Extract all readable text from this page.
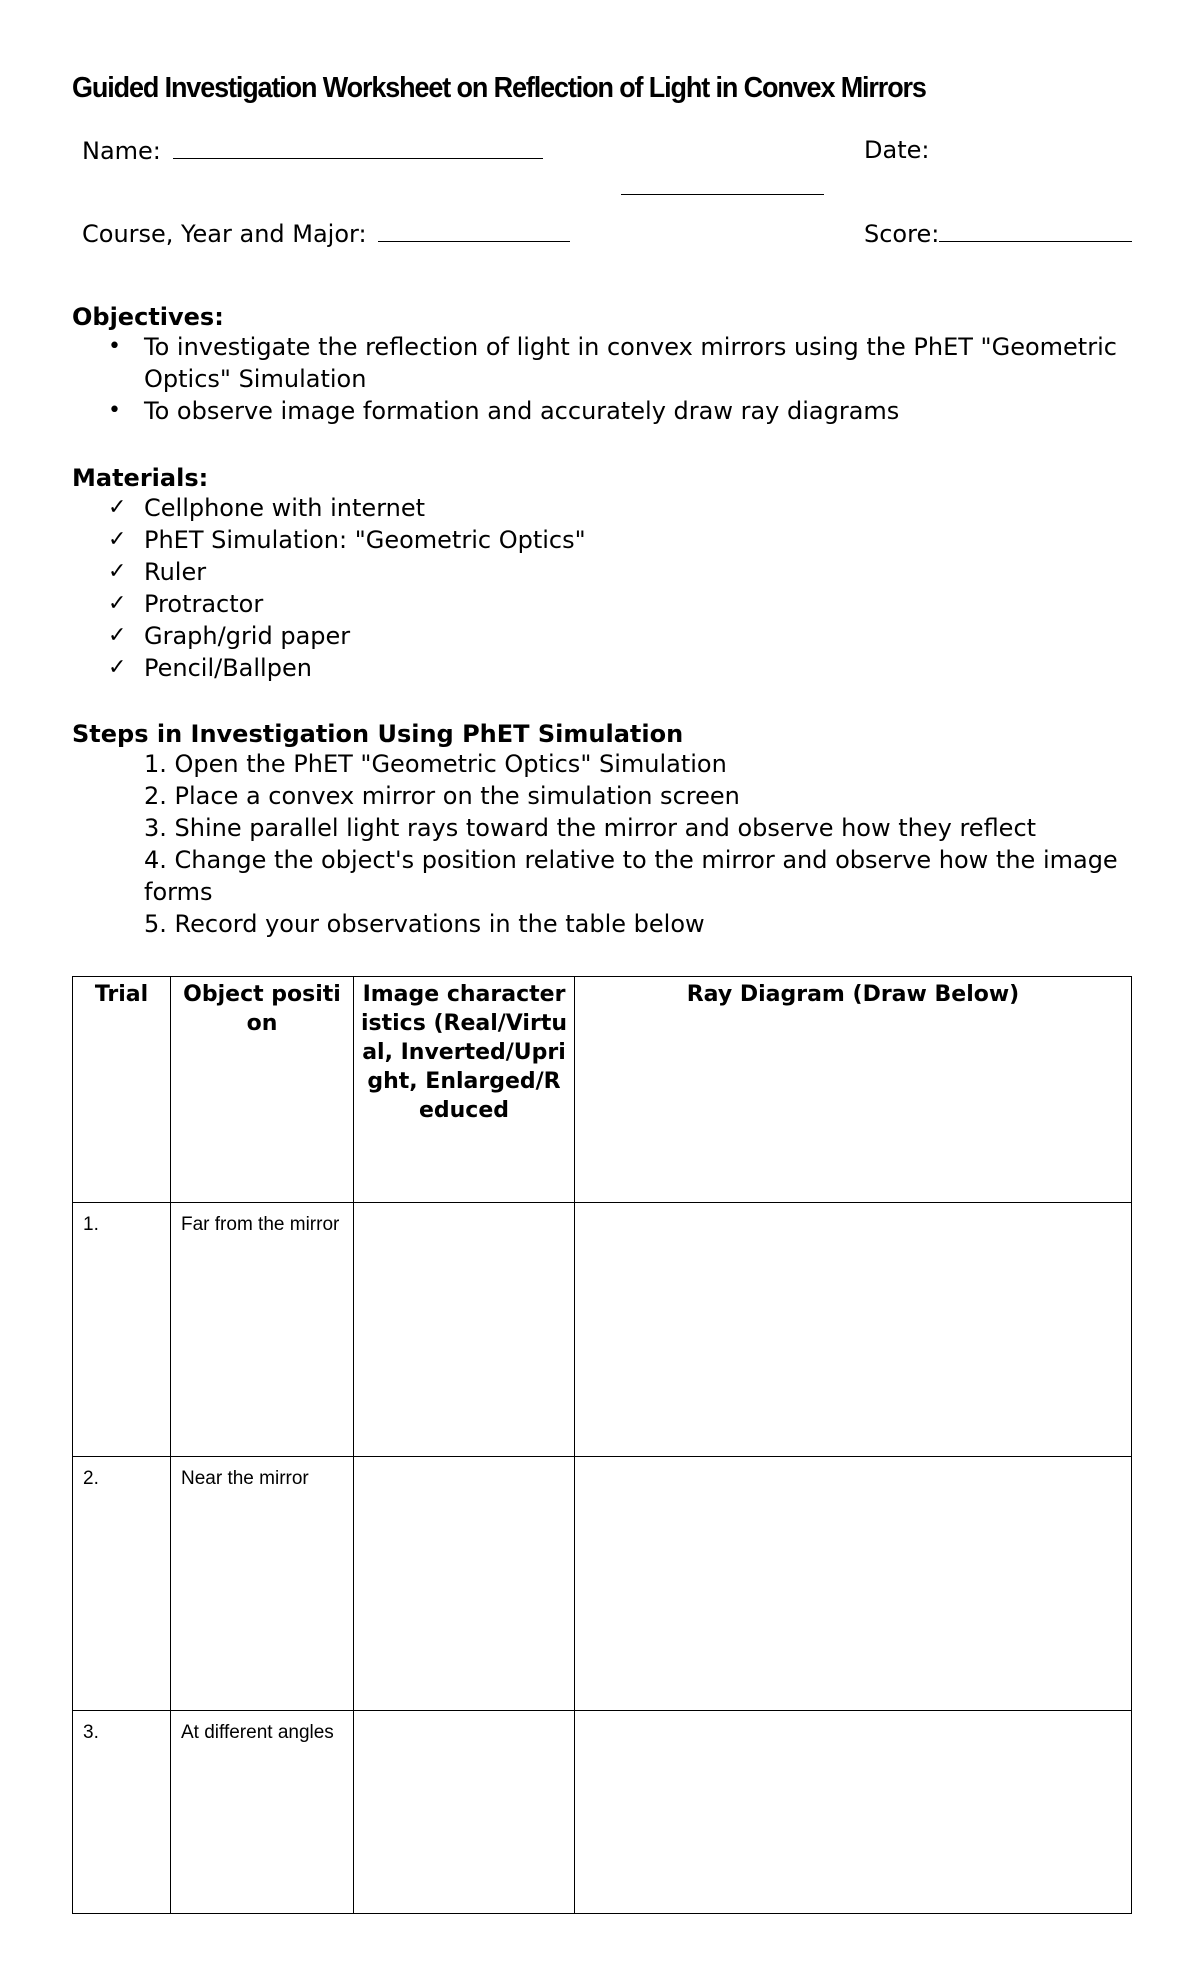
Guided Investigation Worksheet on Reflection of Light in Convex Mirrors
Name:	Date:
Course, Year and Major:	Score:
Objectives:
• To investigate the reflection of light in convex mirrors using the PhET "Geometric Optics" Simulation
• To observe image formation and accurately draw ray diagrams
Materials:
✓ Cellphone with internet
✓ PhET Simulation: "Geometric Optics"
✓ Ruler
✓ Protractor
✓ Graph/grid paper
✓ Pencil/Ballpen
Steps in Investigation Using PhET Simulation
1. Open the PhET "Geometric Optics" Simulation
2. Place a convex mirror on the simulation screen
3. Shine parallel light rays toward the mirror and observe how they reflect
4. Change the object's position relative to the mirror and observe how the image forms
5. Record your observations in the table below
Trial	Object position	Image characteristics (Real/Virtual, Inverted/Upright, Enlarged/Reduced	Ray Diagram (Draw Below)
1.	Far from the mirror		
2.	Near the mirror		
3.	At different angles		
